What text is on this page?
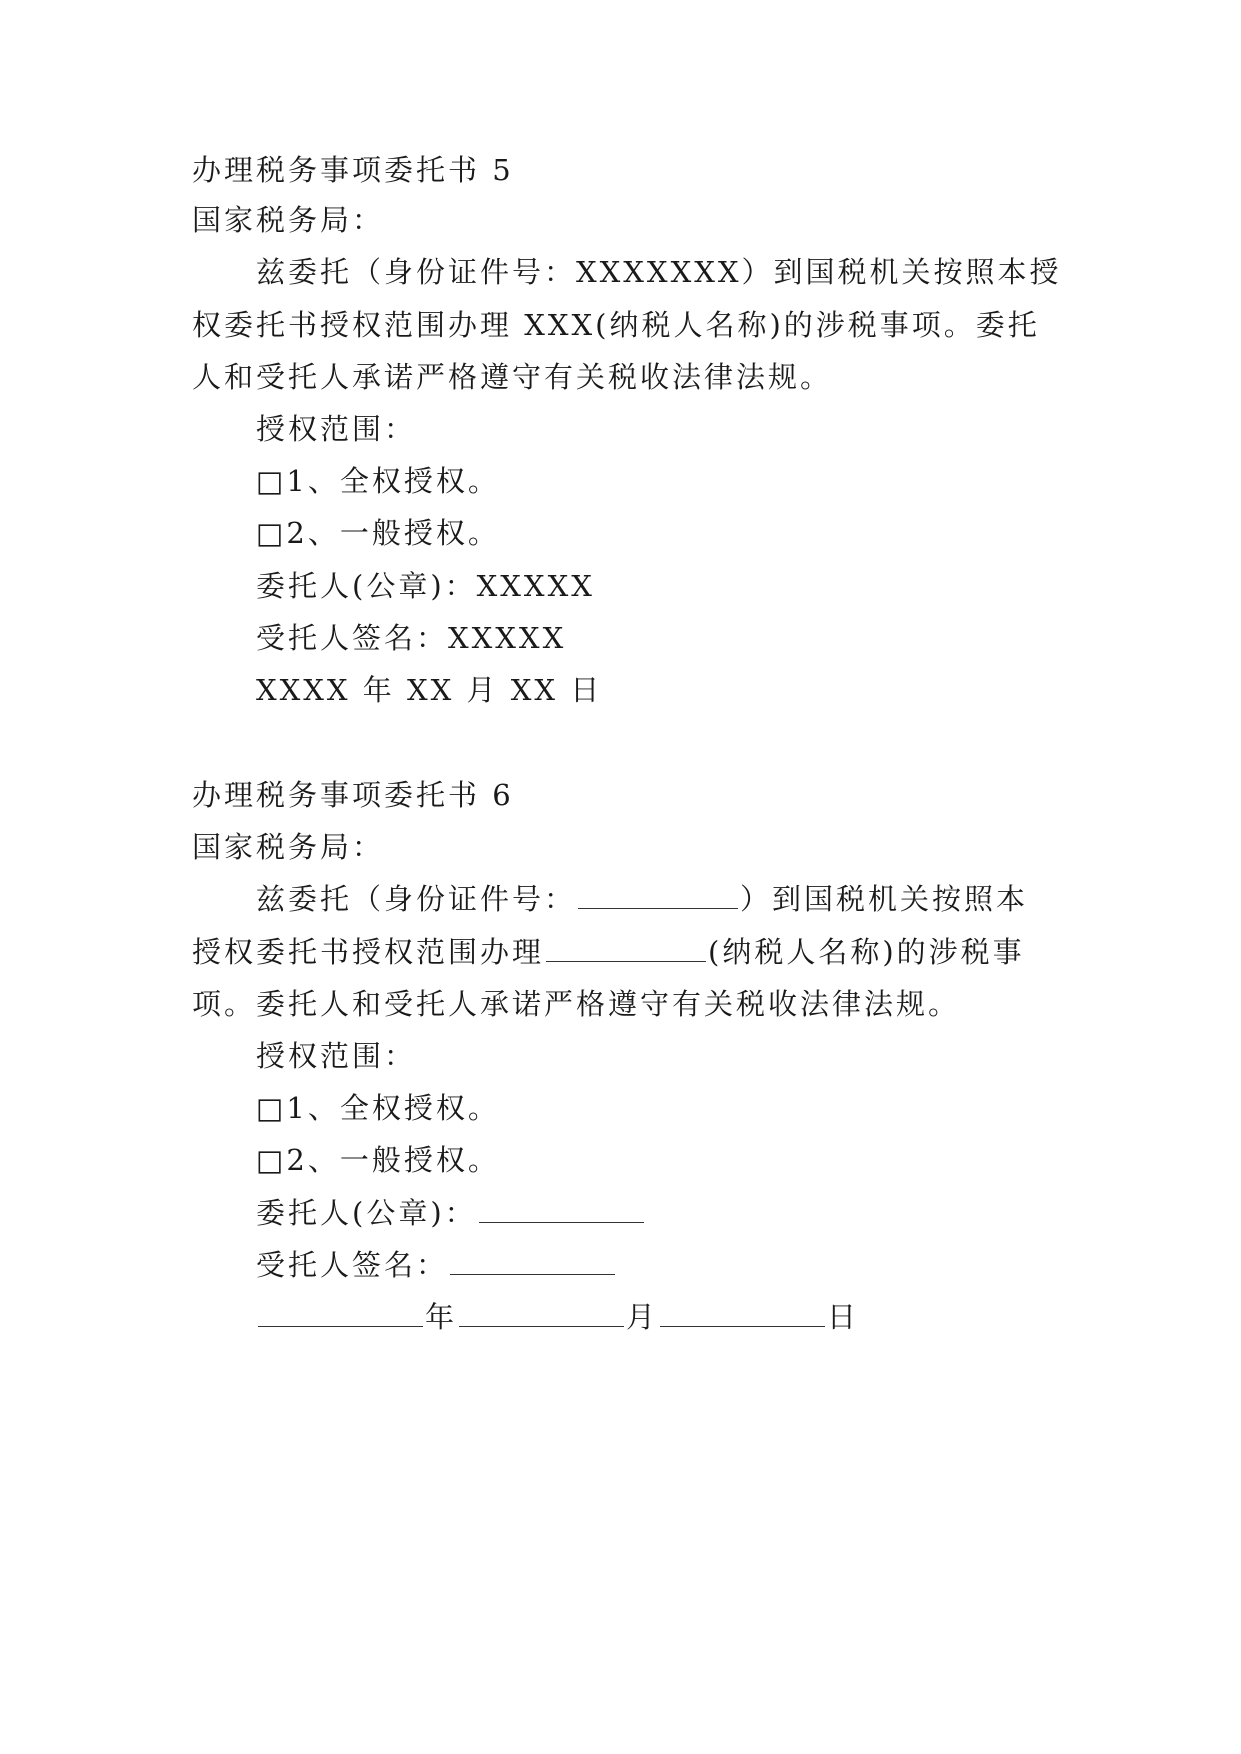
办理税务事项委托书 5
国家税务局：
兹委托（身份证件号：XXXXXXX）到国税机关按照本授
权委托书授权范围办理 XXX(纳税人名称)的涉税事项。委托
人和受托人承诺严格遵守有关税收法律法规。
授权范围：
□1、全权授权。
□2、一般授权。
委托人(公章)：XXXXX
受托人签名：XXXXX
XXXX 年 XX 月 XX 日
办理税务事项委托书 6
国家税务局：
兹委托（身份证件号：	）到国税机关按照本
授权委托书授权范围办理	(纳税人名称)的涉税事
项。委托人和受托人承诺严格遵守有关税收法律法规。
授权范围：
□1、全权授权。
□2、一般授权。
委托人(公章)：
受托人签名：
年	月	日
